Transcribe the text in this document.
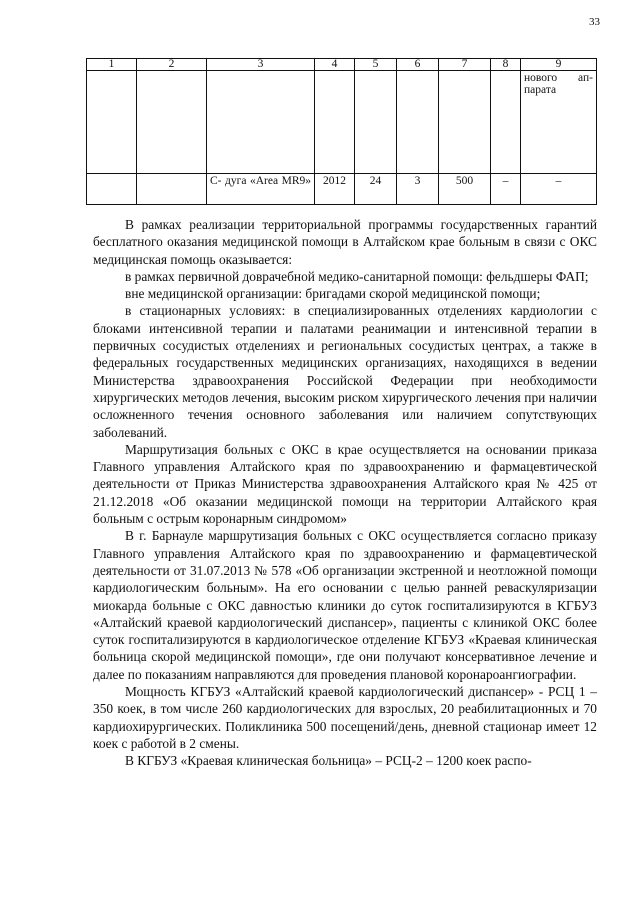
33
1	2	3	4	5	6	7	8	9
								нового ап-парата
		С- дуга «Area MR9»	2012	24	3	500	–	–

В рамках реализации территориальной программы государственных гарантий бесплатного оказания медицинской помощи в Алтайском крае больным в связи с ОКС медицинская помощь оказывается:

в рамках первичной доврачебной медико-санитарной помощи: фельдшеры ФАП;

вне медицинской организации: бригадами скорой медицинской помощи;

в стационарных условиях: в специализированных отделениях кардиологии с блоками интенсивной терапии и палатами реанимации и интенсивной терапии в первичных сосудистых отделениях и региональных сосудистых центрах, а также в федеральных государственных медицинских организациях, находящихся в ведении Министерства здравоохранения Российской Федерации при необходимости хирургических методов лечения, высоким риском хирургического лечения при наличии осложненного течения основного заболевания или наличием сопутствующих заболеваний.

Маршрутизация больных с ОКС в крае осуществляется на основании приказа Главного управления Алтайского края по здравоохранению и фармацевтической деятельности от Приказ Министерства здравоохранения Алтайского края № 425 от 21.12.2018 «Об оказании медицинской помощи на территории Алтайского края больным с острым коронарным синдромом»

В г. Барнауле маршрутизация больных с ОКС осуществляется согласно приказу Главного управления Алтайского края по здравоохранению и фармацевтической деятельности от 31.07.2013 № 578 «Об организации экстренной и неотложной помощи кардиологическим больным». На его основании с целью ранней реваскуляризации миокарда больные с ОКС давностью клиники до суток госпитализируются в КГБУЗ «Алтайский краевой кардиологический диспансер», пациенты с клиникой ОКС более суток госпитализируются в кардиологическое отделение КГБУЗ «Краевая клиническая больница скорой медицинской помощи», где они получают консервативное лечение и далее по показаниям направляются для проведения плановой коронароангиографии.

Мощность КГБУЗ «Алтайский краевой кардиологический диспансер» - РСЦ 1 – 350 коек, в том числе 260 кардиологических для взрослых, 20 реабилитационных и 70 кардиохирургических. Поликлиника 500 посещений/день, дневной стационар имеет 12 коек с работой в 2 смены.

В КГБУЗ «Краевая клиническая больница» – РСЦ-2 – 1200 коек распо-
